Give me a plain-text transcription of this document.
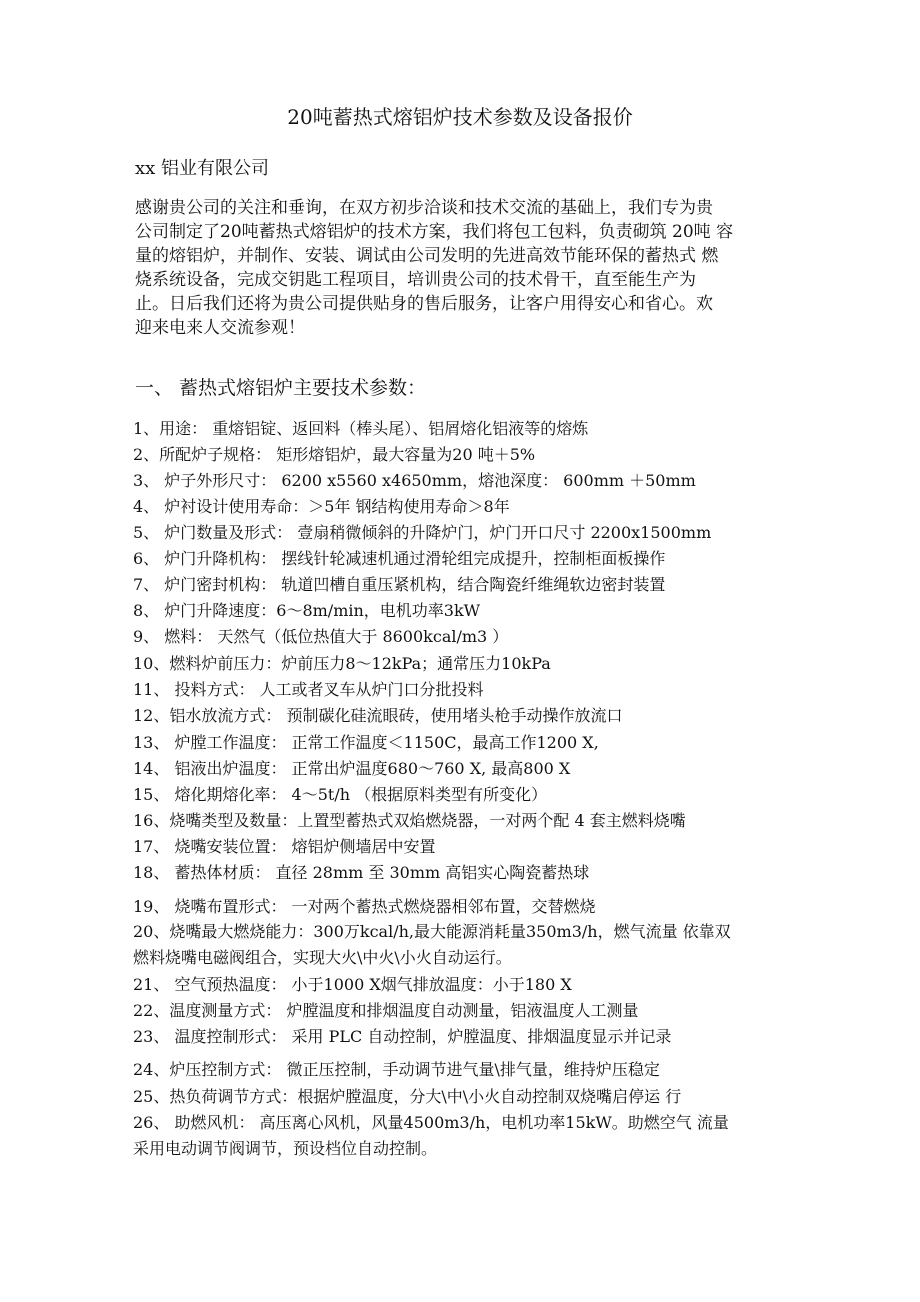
20吨蓄热式熔铝炉技术参数及设备报价
xx 铝业有限公司
感谢贵公司的关注和垂询，在双方初步洽谈和技术交流的基础上，我们专为贵
公司制定了20吨蓄热式熔铝炉的技术方案，我们将包工包料，负责砌筑 20吨 容
量的熔铝炉，并制作、安装、调试由公司发明的先进高效节能环保的蓄热式 燃
烧系统设备，完成交钥匙工程项目，培训贵公司的技术骨干，直至能生产为
止。日后我们还将为贵公司提供贴身的售后服务，让客户用得安心和省心。欢
迎来电来人交流参观！
一、 蓄热式熔铝炉主要技术参数：
1、用途： 重熔铝锭、返回料（棒头尾）、铝屑熔化铝液等的熔炼
2、所配炉子规格： 矩形熔铝炉，最大容量为20 吨＋5%
3、 炉子外形尺寸： 6200 x5560 x4650mm，熔池深度： 600mm ＋50mm
4、 炉衬设计使用寿命：＞5年 钢结构使用寿命＞8年
5、 炉门数量及形式： 壹扇稍微倾斜的升降炉门，炉门开口尺寸 2200x1500mm
6、 炉门升降机构： 摆线针轮减速机通过滑轮组完成提升，控制柜面板操作
7、 炉门密封机构： 轨道凹槽自重压紧机构，结合陶瓷纤维绳软边密封装置
8、 炉门升降速度：6～8m/min，电机功率3kW
9、 燃料： 天然气（低位热值大于 8600kcal/m3 ）
10、燃料炉前压力：炉前压力8～12kPa；通常压力10kPa
11、 投料方式： 人工或者叉车从炉门口分批投料
12、铝水放流方式： 预制碳化硅流眼砖，使用堵头枪手动操作放流口
13、 炉膛工作温度： 正常工作温度＜1150C，最高工作1200 X,
14、 铝液出炉温度： 正常出炉温度680～760 X, 最高800 X
15、 熔化期熔化率： 4～5t/h （根据原料类型有所变化）
16、烧嘴类型及数量：上置型蓄热式双焰燃烧器，一对两个配 4 套主燃料烧嘴
17、 烧嘴安装位置： 熔铝炉侧墙居中安置
18、 蓄热体材质： 直径 28mm 至 30mm 高铝实心陶瓷蓄热球
19、 烧嘴布置形式： 一对两个蓄热式燃烧器相邻布置，交替燃烧
20、烧嘴最大燃烧能力：300万kcal/h,最大能源消耗量350m3/h，燃气流量 依靠双
燃料烧嘴电磁阀组合，实现大火\中火\小火自动运行。
21、 空气预热温度： 小于1000 X烟气排放温度：小于180 X
22、温度测量方式： 炉膛温度和排烟温度自动测量，铝液温度人工测量
23、 温度控制形式： 采用 PLC 自动控制，炉膛温度、排烟温度显示并记录
24、炉压控制方式： 微正压控制，手动调节进气量\排气量，维持炉压稳定
25、热负荷调节方式：根据炉膛温度，分大\中\小火自动控制双烧嘴启停运 行
26、 助燃风机： 高压离心风机，风量4500m3/h，电机功率15kW。助燃空气 流量
采用电动调节阀调节，预设档位自动控制。
